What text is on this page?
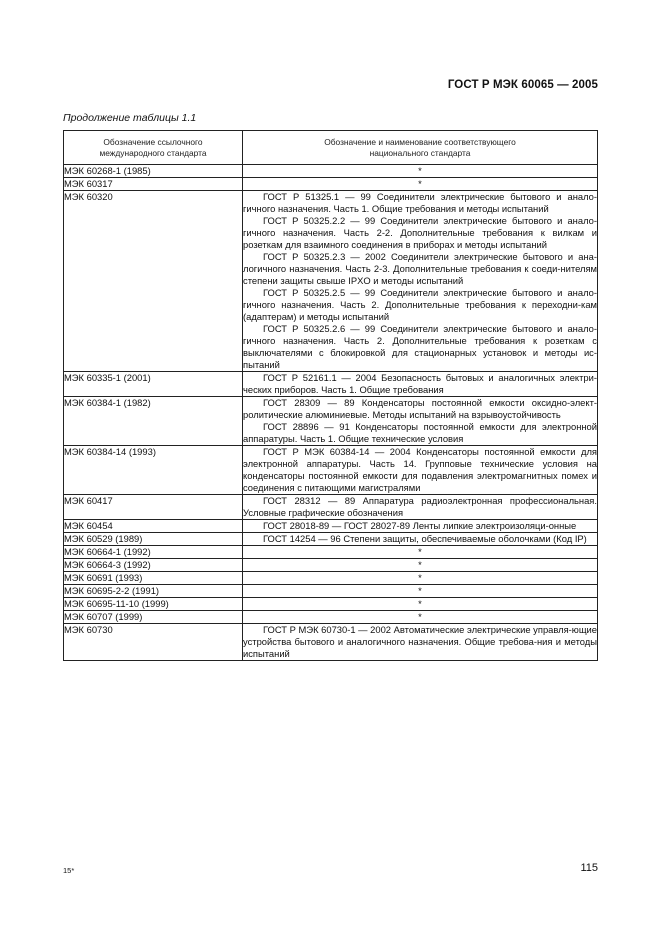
ГОСТ Р МЭК 60065 — 2005
Продолжение таблицы 1.1
Обозначение ссылочного
международного стандарта	Обозначение и наименование соответствующего
национального стандарта

МЭК 60268-1 (1985)	*

МЭК 60317	*

МЭК 60320	ГОСТ Р 51325.1 — 99 Соединители электрические бытового и анало-гичного назначения. Часть 1. Общие требования и методы испытаний
ГОСТ Р 50325.2.2 — 99 Соединители электрические бытового и анало-гичного назначения. Часть 2-2. Дополнительные требования к вилкам и розеткам для взаимного соединения в приборах и методы испытаний
ГОСТ Р 50325.2.3 — 2002 Соединители электрические бытового и ана-логичного назначения. Часть 2-3. Дополнительные требования к соеди-нителям степени защиты свыше IPXO и методы испытаний
ГОСТ Р 50325.2.5 — 99 Соединители электрические бытового и анало-гичного назначения. Часть 2. Дополнительные требования к переходни-кам (адаптерам) и методы испытаний
ГОСТ Р 50325.2.6 — 99 Соединители электрические бытового и анало-гичного назначения. Часть 2. Дополнительные требования к розеткам с выключателями с блокировкой для стационарных установок и методы ис-пытаний

МЭК 60335-1 (2001)	ГОСТ Р 52161.1 — 2004 Безопасность бытовых и аналогичных электри-ческих приборов. Часть 1. Общие требования

МЭК 60384-1 (1982)	ГОСТ 28309 — 89 Конденсаторы постоянной емкости оксидно-элект-ролитические алюминиевые. Методы испытаний на взрывоустойчивость
ГОСТ 28896 — 91 Конденсаторы постоянной емкости для электронной аппаратуры. Часть 1. Общие технические условия

МЭК 60384-14 (1993)	ГОСТ Р МЭК 60384-14 — 2004 Конденсаторы постоянной емкости для электронной аппаратуры. Часть 14. Групповые технические условия на конденсаторы постоянной емкости для подавления электромагнитных помех и соединения с питающими магистралями

МЭК 60417	ГОСТ 28312 — 89 Аппаратура радиоэлектронная профессиональная. Условные графические обозначения

МЭК 60454	ГОСТ 28018-89 — ГОСТ 28027-89 Ленты липкие электроизоляци-онные

МЭК 60529 (1989)	ГОСТ 14254 — 96 Степени защиты, обеспечиваемые оболочками (Код IP)

МЭК 60664-1 (1992)	*

МЭК 60664-3 (1992)	*

МЭК 60691 (1993)	*

МЭК 60695-2-2 (1991)	*

МЭК 60695-11-10 (1999)	*

МЭК 60707 (1999)	*

МЭК 60730	ГОСТ Р МЭК 60730-1 — 2002 Автоматические электрические управля-ющие устройства бытового и аналогичного назначения. Общие требова-ния и методы испытаний
15*	115
